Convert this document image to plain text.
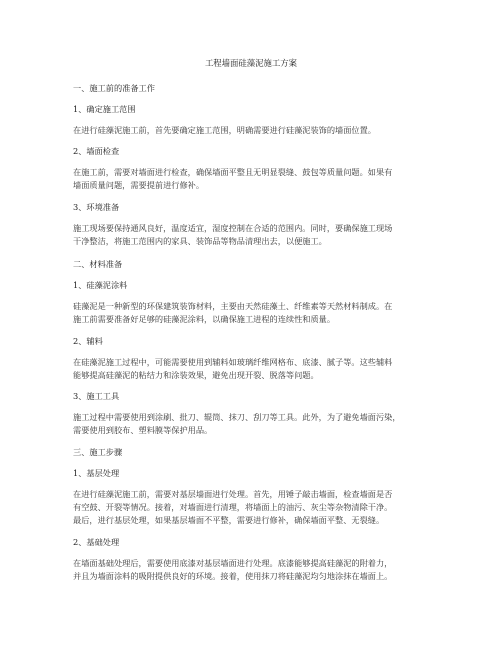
工程墙面硅藻泥施工方案
一、施工前的准备工作
1、确定施工范围
在进行硅藻泥施工前，首先要确定施工范围，明确需要进行硅藻泥装饰的墙面位置。
2、墙面检查
在施工前，需要对墙面进行检查，确保墙面平整且无明显裂缝、鼓包等质量问题。如果有
墙面质量问题，需要提前进行修补。
3、环境准备
施工现场要保持通风良好，温度适宜，湿度控制在合适的范围内。同时，要确保施工现场
干净整洁，将施工范围内的家具、装饰品等物品清理出去，以便施工。
二、材料准备
1、硅藻泥涂料
硅藻泥是一种新型的环保建筑装饰材料，主要由天然硅藻土、纤维素等天然材料制成。在
施工前需要准备好足够的硅藻泥涂料，以确保施工进程的连续性和质量。
2、辅料
在硅藻泥施工过程中，可能需要使用到辅料如玻璃纤维网格布、底漆、腻子等。这些辅料
能够提高硅藻泥的粘结力和涂装效果，避免出现开裂、脱落等问题。
3、施工工具
施工过程中需要使用到涂刷、批刀、辊筒、抹刀、刮刀等工具。此外，为了避免墙面污染，
需要使用到胶布、塑料膜等保护用品。
三、施工步骤
1、基层处理
在进行硅藻泥施工前，需要对基层墙面进行处理。首先，用锤子敲击墙面，检查墙面是否
有空鼓、开裂等情况。接着，对墙面进行清理，将墙面上的油污、灰尘等杂物清除干净。
最后，进行基层处理，如果基层墙面不平整，需要进行修补，确保墙面平整、无裂缝。
2、基础处理
在墙面基础处理后，需要使用底漆对基层墙面进行处理。底漆能够提高硅藻泥的附着力，
并且为墙面涂料的吸附提供良好的环境。接着，使用抹刀将硅藻泥均匀地涂抹在墙面上。
